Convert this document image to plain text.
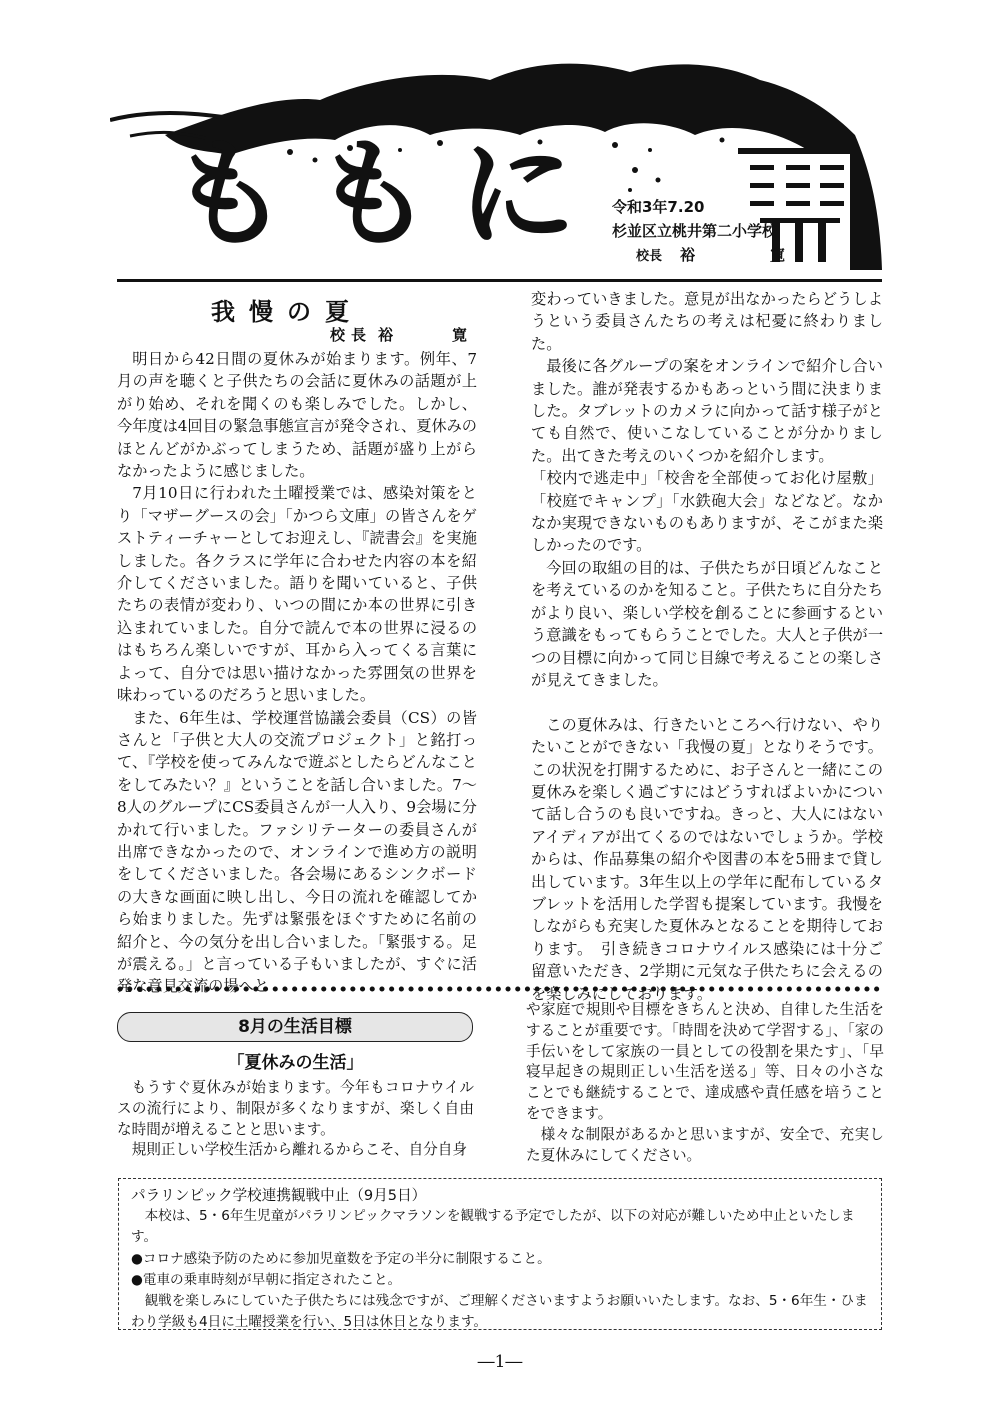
ももに 令和3年7.20
杉並区立桃井第二小学校
校長 裕　寛
我慢の夏
校長 裕　寛

明日から42日間の夏休みが始まります。例年、7月の声を聴くと子供たちの会話に夏休みの話題が上がり始め、それを聞くのも楽しみでした。しかし、今年度は4回目の緊急事態宣言が発令され、夏休みのほとんどがかぶってしまうため、話題が盛り上がらなかったように感じました。

7月10日に行われた土曜授業では、感染対策をとり「マザーグースの会」「かつら文庫」の皆さんをゲストティーチャーとしてお迎えし、『読書会』を実施しました。各クラスに学年に合わせた内容の本を紹介してくださいました。語りを聞いていると、子供たちの表情が変わり、いつの間にか本の世界に引き込まれていました。自分で読んで本の世界に浸るのはもちろん楽しいですが、耳から入ってくる言葉によって、自分では思い描けなかった雰囲気の世界を味わっているのだろうと思いました。

また、6年生は、学校運営協議会委員（CS）の皆さんと「子供と大人の交流プロジェクト」と銘打って、『学校を使ってみんなで遊ぶとしたらどんなことをしてみたい？』ということを話し合いました。7～8人のグループにCS委員さんが一人入り、9会場に分かれて行いました。ファシリテーターの委員さんが出席できなかったので、オンラインで進め方の説明をしてくださいました。各会場にあるシンクボードの大きな画面に映し出し、今日の流れを確認してから始まりました。先ずは緊張をほぐすために名前の紹介と、今の気分を出し合いました。「緊張する。足が震える。」と言っている子もいましたが、すぐに活発な意見交流の場へと

変わっていきました。意見が出なかったらどうしようという委員さんたちの考えは杞憂に終わりました。

最後に各グループの案をオンラインで紹介し合いました。誰が発表するかもあっという間に決まりました。タブレットのカメラに向かって話す様子がとても自然で、使いこなしていることが分かりました。出てきた考えのいくつかを紹介します。

「校内で逃走中」「校舎を全部使ってお化け屋敷」「校庭でキャンプ」「水鉄砲大会」などなど。なかなか実現できないものもありますが、そこがまた楽しかったのです。

今回の取組の目的は、子供たちが日頃どんなことを考えているのかを知ること。子供たちに自分たちがより良い、楽しい学校を創ることに参画するという意識をもってもらうことでした。大人と子供が一つの目標に向かって同じ目線で考えることの楽しさが見えてきました。

この夏休みは、行きたいところへ行けない、やりたいことができない「我慢の夏」となりそうです。この状況を打開するために、お子さんと一緒にこの夏休みを楽しく過ごすにはどうすればよいかについて話し合うのも良いですね。きっと、大人にはないアイディアが出てくるのではないでしょうか。学校からは、作品募集の紹介や図書の本を5冊まで貸し出しています。3年生以上の学年に配布しているタブレットを活用した学習も提案しています。我慢をしながらも充実した夏休みとなることを期待しております。　引き続きコロナウイルス感染には十分ご留意いただき、2学期に元気な子供たちに会えるのを楽しみにしております。

8月の生活目標
「夏休みの生活」

もうすぐ夏休みが始まります。今年もコロナウイルスの流行により、制限が多くなりますが、楽しく自由な時間が増えることと思います。

規則正しい学校生活から離れるからこそ、自分自身

や家庭で規則や目標をきちんと決め、自律した生活をすることが重要です。「時間を決めて学習する」、「家の手伝いをして家族の一員としての役割を果たす」、「早寝早起きの規則正しい生活を送る」等、日々の小さなことでも継続することで、達成感や責任感を培うことをできます。

様々な制限があるかと思いますが、安全で、充実した夏休みにしてください。

パラリンピック学校連携観戦中止（9月5日）

本校は、5・6年生児童がパラリンピックマラソンを観戦する予定でしたが、以下の対応が難しいため中止といたします。

●コロナ感染予防のために参加児童数を予定の半分に制限すること。

●電車の乗車時刻が早朝に指定されたこと。

観戦を楽しみにしていた子供たちには残念ですが、ご理解くださいますようお願いいたします。なお、5・6年生・ひまわり学級も4日に土曜授業を行い、5日は休日となります。

―1―
